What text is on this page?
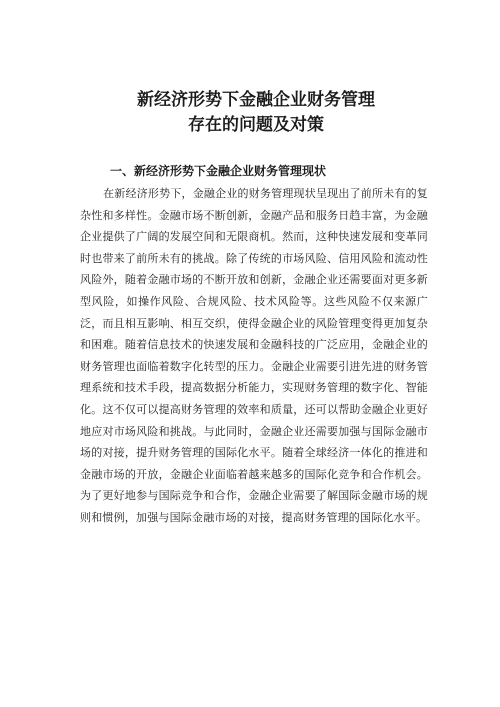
新经济形势下金融企业财务管理
存在的问题及对策
一、新经济形势下金融企业财务管理现状

在新经济形势下，金融企业的财务管理现状呈现出了前所未有的复杂性和多样性。金融市场不断创新，金融产品和服务日趋丰富，为金融企业提供了广阔的发展空间和无限商机。然而，这种快速发展和变革同时也带来了前所未有的挑战。除了传统的市场风险、信用风险和流动性风险外，随着金融市场的不断开放和创新，金融企业还需要面对更多新型风险，如操作风险、合规风险、技术风险等。这些风险不仅来源广泛，而且相互影响、相互交织，使得金融企业的风险管理变得更加复杂和困难。随着信息技术的快速发展和金融科技的广泛应用，金融企业的财务管理也面临着数字化转型的压力。金融企业需要引进先进的财务管理系统和技术手段，提高数据分析能力，实现财务管理的数字化、智能化。这不仅可以提高财务管理的效率和质量，还可以帮助金融企业更好地应对市场风险和挑战。与此同时，金融企业还需要加强与国际金融市场的对接，提升财务管理的国际化水平。随着全球经济一体化的推进和金融市场的开放，金融企业面临着越来越多的国际化竞争和合作机会。为了更好地参与国际竞争和合作，金融企业需要了解国际金融市场的规则和惯例，加强与国际金融市场的对接，提高财务管理的国际化水平。
